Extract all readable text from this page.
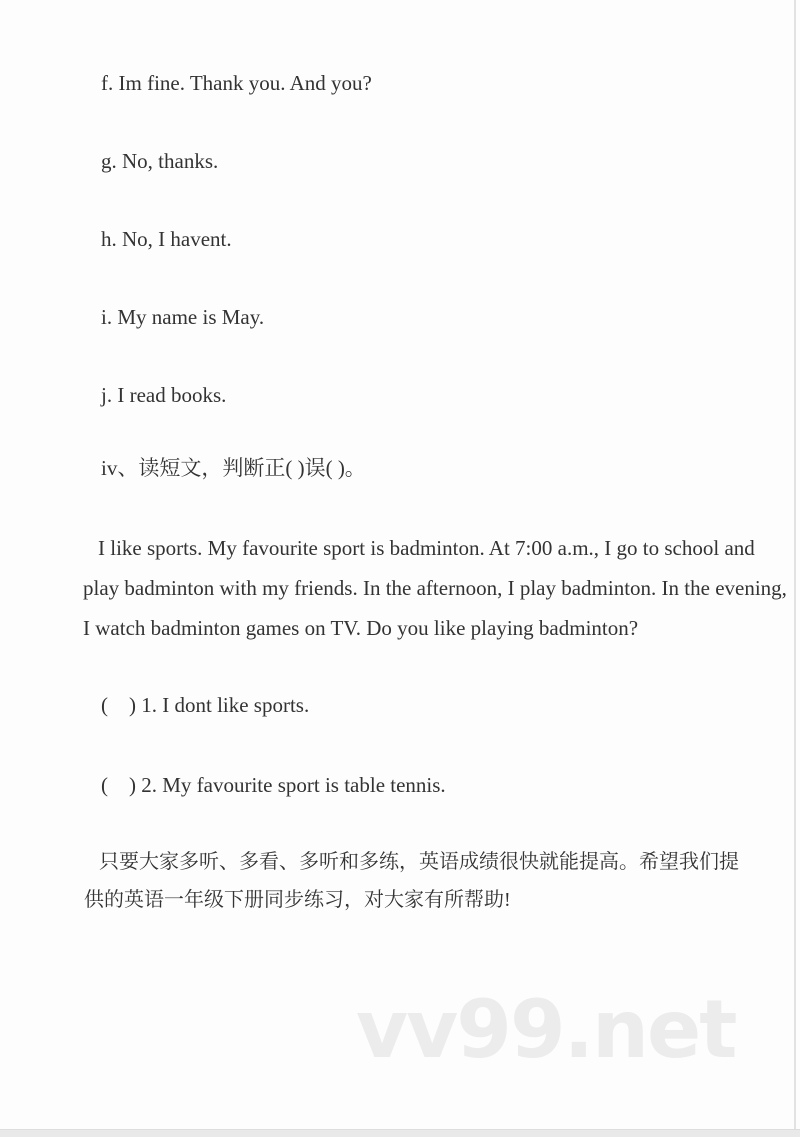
f. Im fine. Thank you. And you?
g. No, thanks.
h. No, I havent.
i. My name is May.
j. I read books.
iv、读短文，判断正( )误( )。
I like sports. My favourite sport is badminton. At 7:00 a.m., I go to school and
play badminton with my friends. In the afternoon, I play badminton. In the evening,
I watch badminton games on TV. Do you like playing badminton?
(    ) 1. I dont like sports.
(    ) 2. My favourite sport is table tennis.
只要大家多听、多看、多听和多练，英语成绩很快就能提高。希望我们提
供的英语一年级下册同步练习，对大家有所帮助!
vv99.net
